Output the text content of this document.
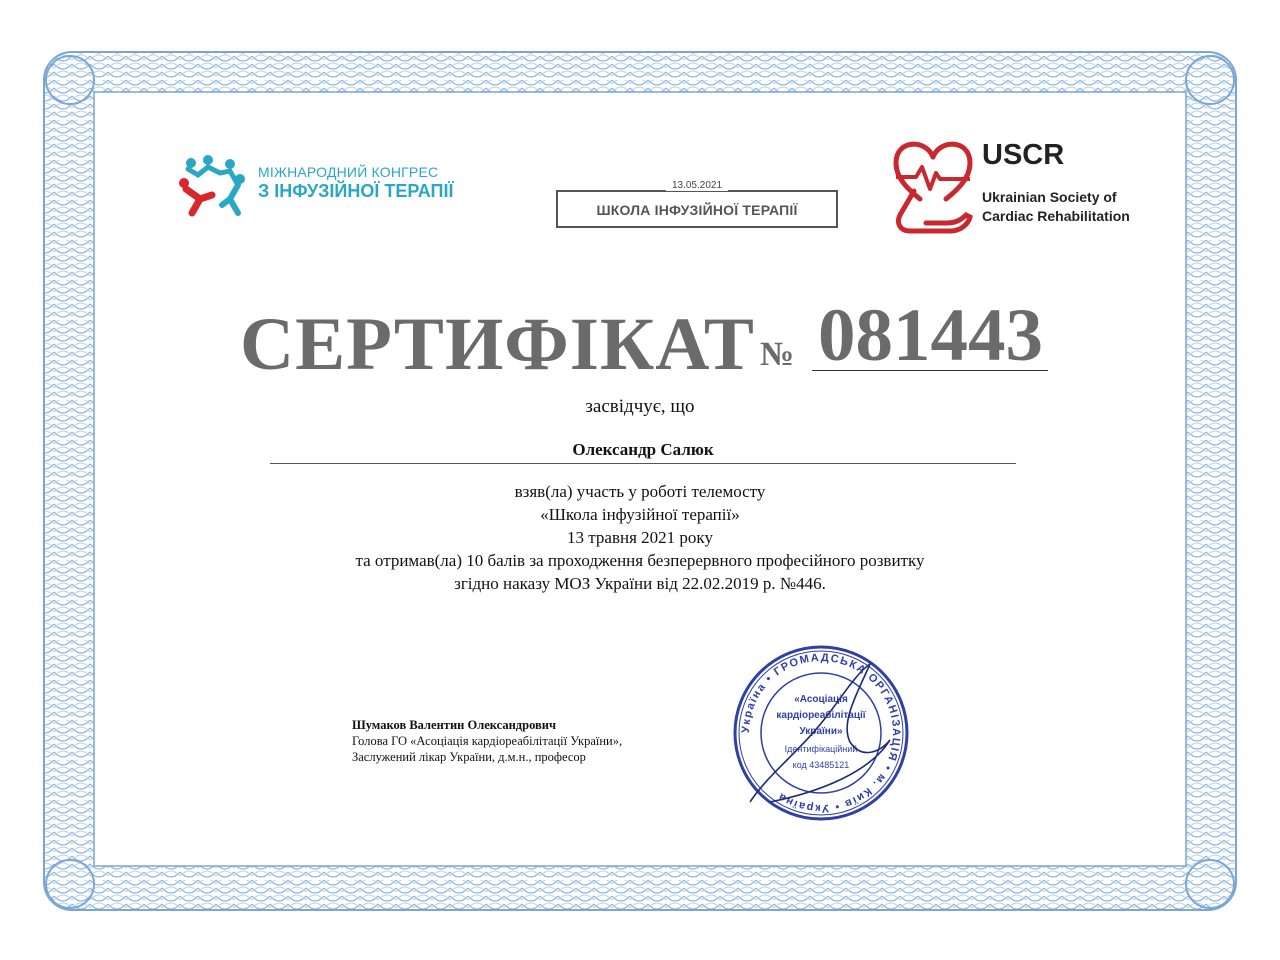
МІЖНАРОДНИЙ КОНГРЕС
З ІНФУЗІЙНОЇ ТЕРАПІЇ
ШКОЛА ІНФУЗІЙНОЇ ТЕРАПІЇ
13.05.2021
USCR
Ukrainian Society of
Cardiac Rehabilitation
СЕРТИФІКАТ № 081443
засвідчує, що
Олександр Салюк
взяв(ла) участь у роботі телемосту
«Школа інфузійної терапії»
13 травня 2021 року
та отримав(ла) 10 балів за проходження безперервного професійного розвитку
згідно наказу МОЗ України від 22.02.2019 р. №446.
Шумаков Валентин Олександрович
Голова ГО «Асоціація кардіореабілітації України»,
Заслужений лікар України, д.м.н., професор
Україна • ГРОМАДСЬКА ОРГАНІЗАЦІЯ • м. Київ • Україна
«Асоціація
кардіореабілітації
України»
Ідентифікаційний
код 43485121
